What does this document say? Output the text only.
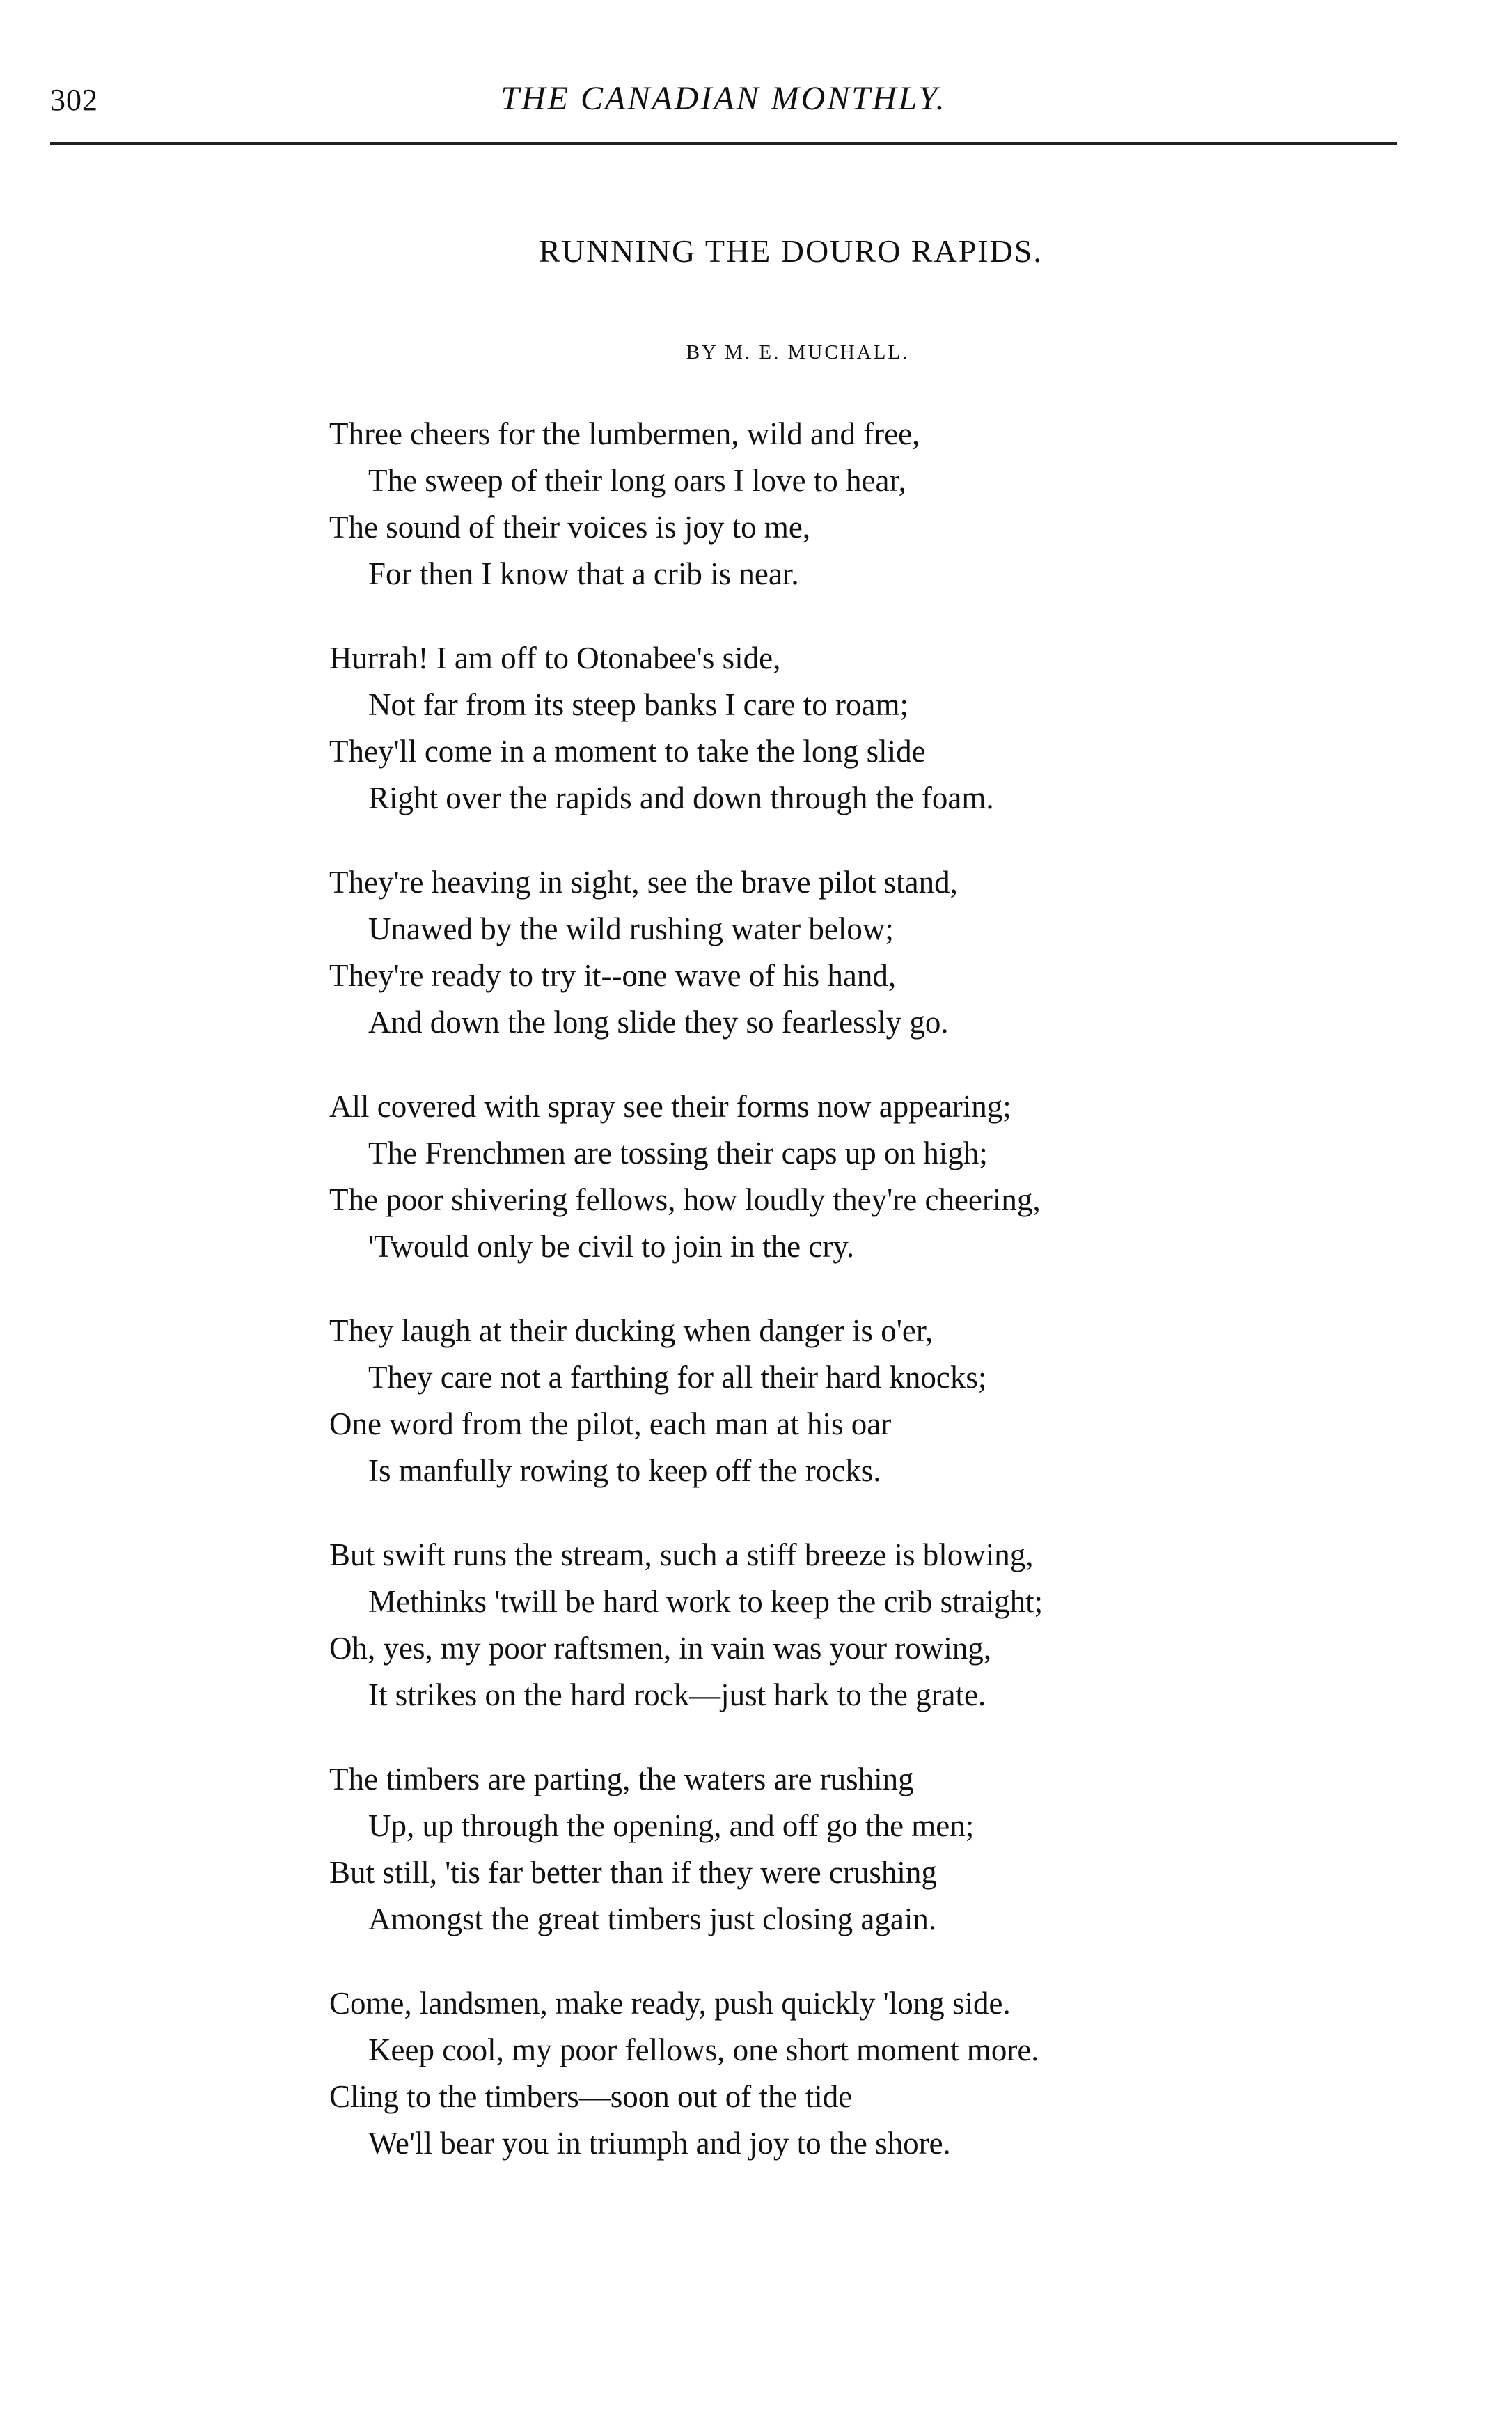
302	THE CANADIAN MONTHLY.
RUNNING THE DOURO RAPIDS.
BY M. E. MUCHALL.
Three cheers for the lumbermen, wild and free,
The sweep of their long oars I love to hear,
The sound of their voices is joy to me,
For then I know that a crib is near.
Hurrah! I am off to Otonabee's side,
Not far from its steep banks I care to roam;
They'll come in a moment to take the long slide
Right over the rapids and down through the foam.
They're heaving in sight, see the brave pilot stand,
Unawed by the wild rushing water below;
They're ready to try it--one wave of his hand,
And down the long slide they so fearlessly go.
All covered with spray see their forms now appearing;
The Frenchmen are tossing their caps up on high;
The poor shivering fellows, how loudly they're cheering,
'Twould only be civil to join in the cry.
They laugh at their ducking when danger is o'er,
They care not a farthing for all their hard knocks;
One word from the pilot, each man at his oar
Is manfully rowing to keep off the rocks.
But swift runs the stream, such a stiff breeze is blowing,
Methinks 'twill be hard work to keep the crib straight;
Oh, yes, my poor raftsmen, in vain was your rowing,
It strikes on the hard rock—just hark to the grate.
The timbers are parting, the waters are rushing
Up, up through the opening, and off go the men;
But still, 'tis far better than if they were crushing
Amongst the great timbers just closing again.
Come, landsmen, make ready, push quickly 'long side.
Keep cool, my poor fellows, one short moment more.
Cling to the timbers—soon out of the tide
We'll bear you in triumph and joy to the shore.
